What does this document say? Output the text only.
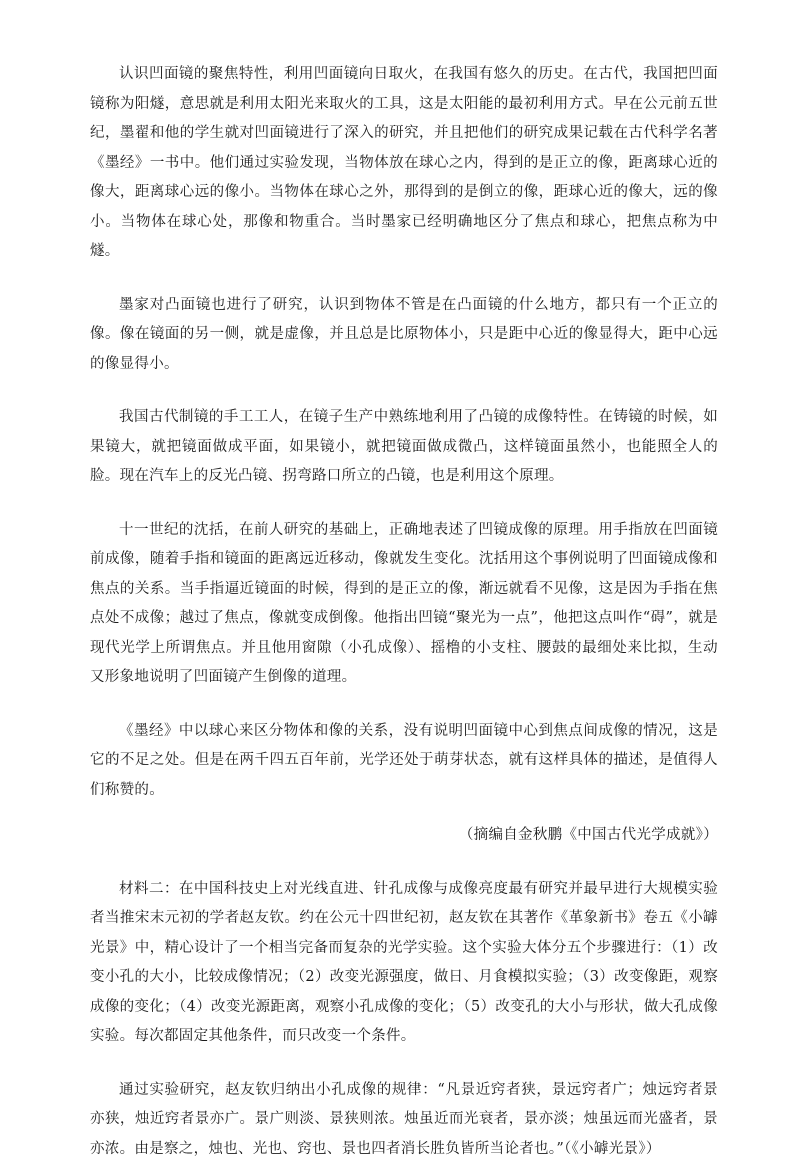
认识凹面镜的聚焦特性，利用凹面镜向日取火，在我国有悠久的历史。在古代，我国把凹面镜称为阳燧，意思就是利用太阳光来取火的工具，这是太阳能的最初利用方式。早在公元前五世纪，墨翟和他的学生就对凹面镜进行了深入的研究，并且把他们的研究成果记载在古代科学名著《墨经》一书中。他们通过实验发现，当物体放在球心之内，得到的是正立的像，距离球心近的像大，距离球心远的像小。当物体在球心之外，那得到的是倒立的像，距球心近的像大，远的像小。当物体在球心处，那像和物重合。当时墨家已经明确地区分了焦点和球心，把焦点称为中燧。

墨家对凸面镜也进行了研究，认识到物体不管是在凸面镜的什么地方，都只有一个正立的像。像在镜面的另一侧，就是虚像，并且总是比原物体小，只是距中心近的像显得大，距中心远的像显得小。

我国古代制镜的手工工人，在镜子生产中熟练地利用了凸镜的成像特性。在铸镜的时候，如果镜大，就把镜面做成平面，如果镜小，就把镜面做成微凸，这样镜面虽然小，也能照全人的脸。现在汽车上的反光凸镜、拐弯路口所立的凸镜，也是利用这个原理。

十一世纪的沈括，在前人研究的基础上，正确地表述了凹镜成像的原理。用手指放在凹面镜前成像，随着手指和镜面的距离远近移动，像就发生变化。沈括用这个事例说明了凹面镜成像和焦点的关系。当手指逼近镜面的时候，得到的是正立的像，渐远就看不见像，这是因为手指在焦点处不成像；越过了焦点，像就变成倒像。他指出凹镜“聚光为一点”，他把这点叫作“碍”，就是现代光学上所谓焦点。并且他用窗隙（小孔成像）、摇橹的小支柱、腰鼓的最细处来比拟，生动又形象地说明了凹面镜产生倒像的道理。

《墨经》中以球心来区分物体和像的关系，没有说明凹面镜中心到焦点间成像的情况，这是它的不足之处。但是在两千四五百年前，光学还处于萌芽状态，就有这样具体的描述，是值得人们称赞的。

（摘编自金秋鹏《中国古代光学成就》）

材料二：在中国科技史上对光线直进、针孔成像与成像亮度最有研究并最早进行大规模实验者当推宋末元初的学者赵友钦。约在公元十四世纪初，赵友钦在其著作《革象新书》卷五《小罅光景》中，精心设计了一个相当完备而复杂的光学实验。这个实验大体分五个步骤进行：（1）改变小孔的大小，比较成像情况；（2）改变光源强度，做日、月食模拟实验；（3）改变像距，观察成像的变化；（4）改变光源距离，观察小孔成像的变化；（5）改变孔的大小与形状，做大孔成像实验。每次都固定其他条件，而只改变一个条件。

通过实验研究，赵友钦归纳出小孔成像的规律：“凡景近窍者狭，景远窍者广；烛远窍者景亦狭，烛近窍者景亦广。景广则淡、景狭则浓。烛虽近而光衰者，景亦淡；烛虽远而光盛者，景亦浓。由是察之，烛也、光也、窍也、景也四者消长胜负皆所当论者也。”（《小罅光景》）
